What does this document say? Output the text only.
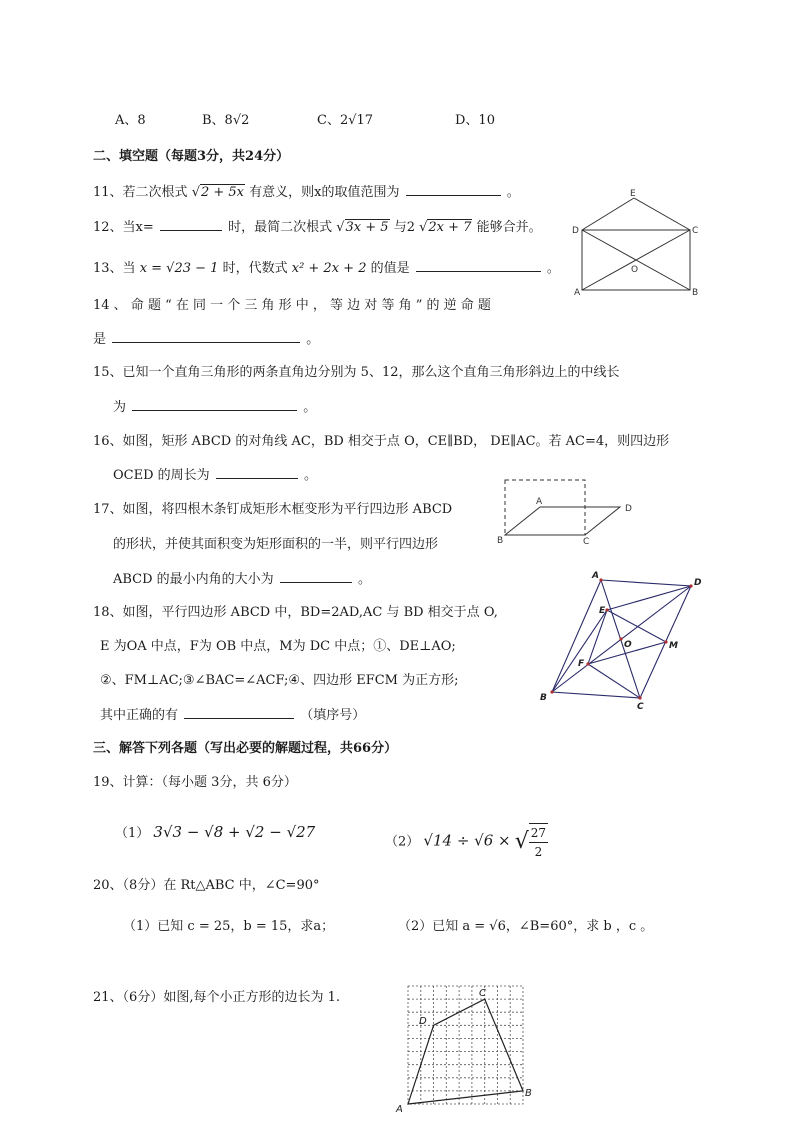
A、8	B、8√2	C、2√17	D、10
二、填空题（每题3分，共24分）
11、若二次根式 √2 + 5x 有意义，则x的取值范围为	。
12、当x=	时，最简二次根式 √3x + 5 与2 √2x + 7 能够合并。
13、当 x = √23 − 1 时，代数式 x² + 2x + 2 的值是	。
14 、 命 题 “ 在 同 一 个 三 角 形 中 ， 等 边 对 等 角 ” 的 逆 命 题
是	。
15、已知一个直角三角形的两条直角边分别为 5、12，那么这个直角三角形斜边上的中线长
为	。
16、如图，矩形 ABCD 的对角线 AC，BD 相交于点 O，CE∥BD， DE∥AC。若 AC=4，则四边形
OCED 的周长为	。
17、如图，将四根木条钉成矩形木框变形为平行四边形 ABCD
的形状，并使其面积变为矩形面积的一半，则平行四边形
ABCD 的最小内角的大小为	。
18、如图，平行四边形 ABCD 中，BD=2AD,AC 与 BD 相交于点 O,
E 为OA 中点，F为 OB 中点，M为 DC 中点；①、DE⊥AO;
②、FM⊥AC;③∠BAC=∠ACF;④、四边形 EFCM 为正方形;
其中正确的有	（填序号）
三、解答下列各题（写出必要的解题过程，共66分）
19、计算：（每小题 3分，共 6分）
（1） 3√3 − √8 + √2 − √27
（2） √14 ÷ √6 × √ $\frac{27}{2}$
20、（8分）在 Rt△ABC 中，∠C=90°
（1）已知 c = 25，b = 15，求a；	（2）已知 a = √6，∠B=60°，求 b ，c 。
21、（6分）如图,每个小正方形的边长为 1.
E
D	C
O
A	B
A
D
B	C
A
D
E
O	M
F
B
C
C
D
B
A
